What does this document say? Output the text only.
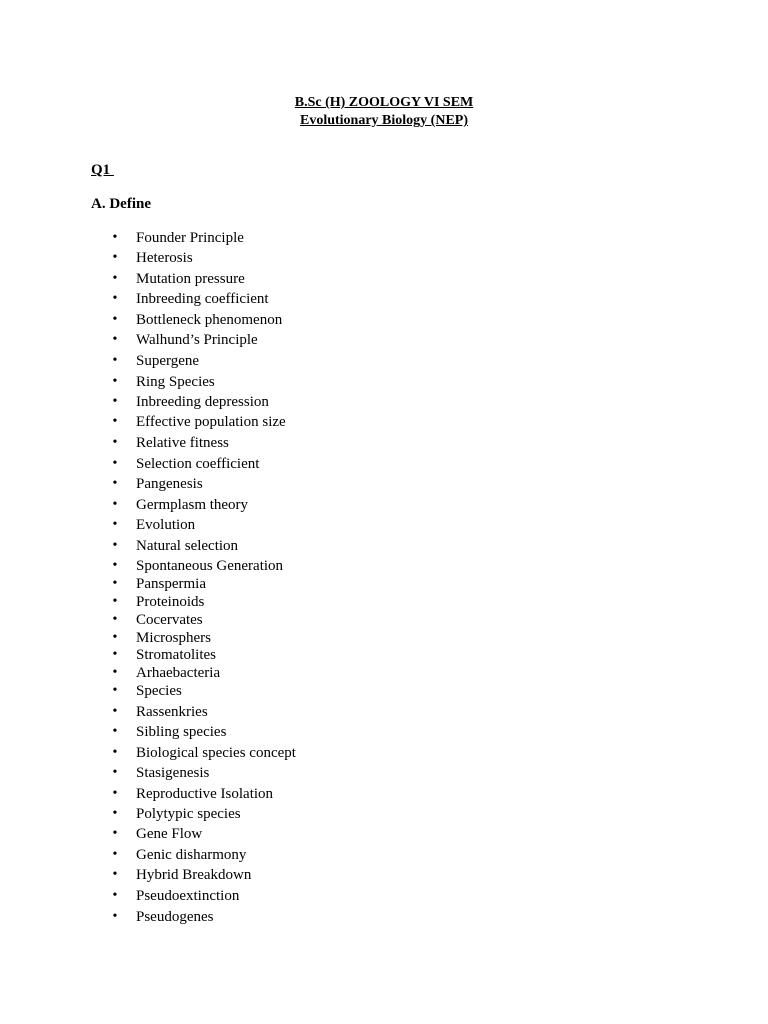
B.Sc (H) ZOOLOGY VI SEM
Evolutionary Biology (NEP)
Q1
A. Define
• Founder Principle
• Heterosis
• Mutation pressure
• Inbreeding coefficient
• Bottleneck phenomenon
• Walhund’s Principle
• Supergene
• Ring Species
• Inbreeding depression
• Effective population size
• Relative fitness
• Selection coefficient
• Pangenesis
• Germplasm theory
• Evolution
• Natural selection
• Spontaneous Generation
• Panspermia
• Proteinoids
• Cocervates
• Microsphers
• Stromatolites
• Arhaebacteria
• Species
• Rassenkries
• Sibling species
• Biological species concept
• Stasigenesis
• Reproductive Isolation
• Polytypic species
• Gene Flow
• Genic disharmony
• Hybrid Breakdown
• Pseudoextinction
• Pseudogenes
